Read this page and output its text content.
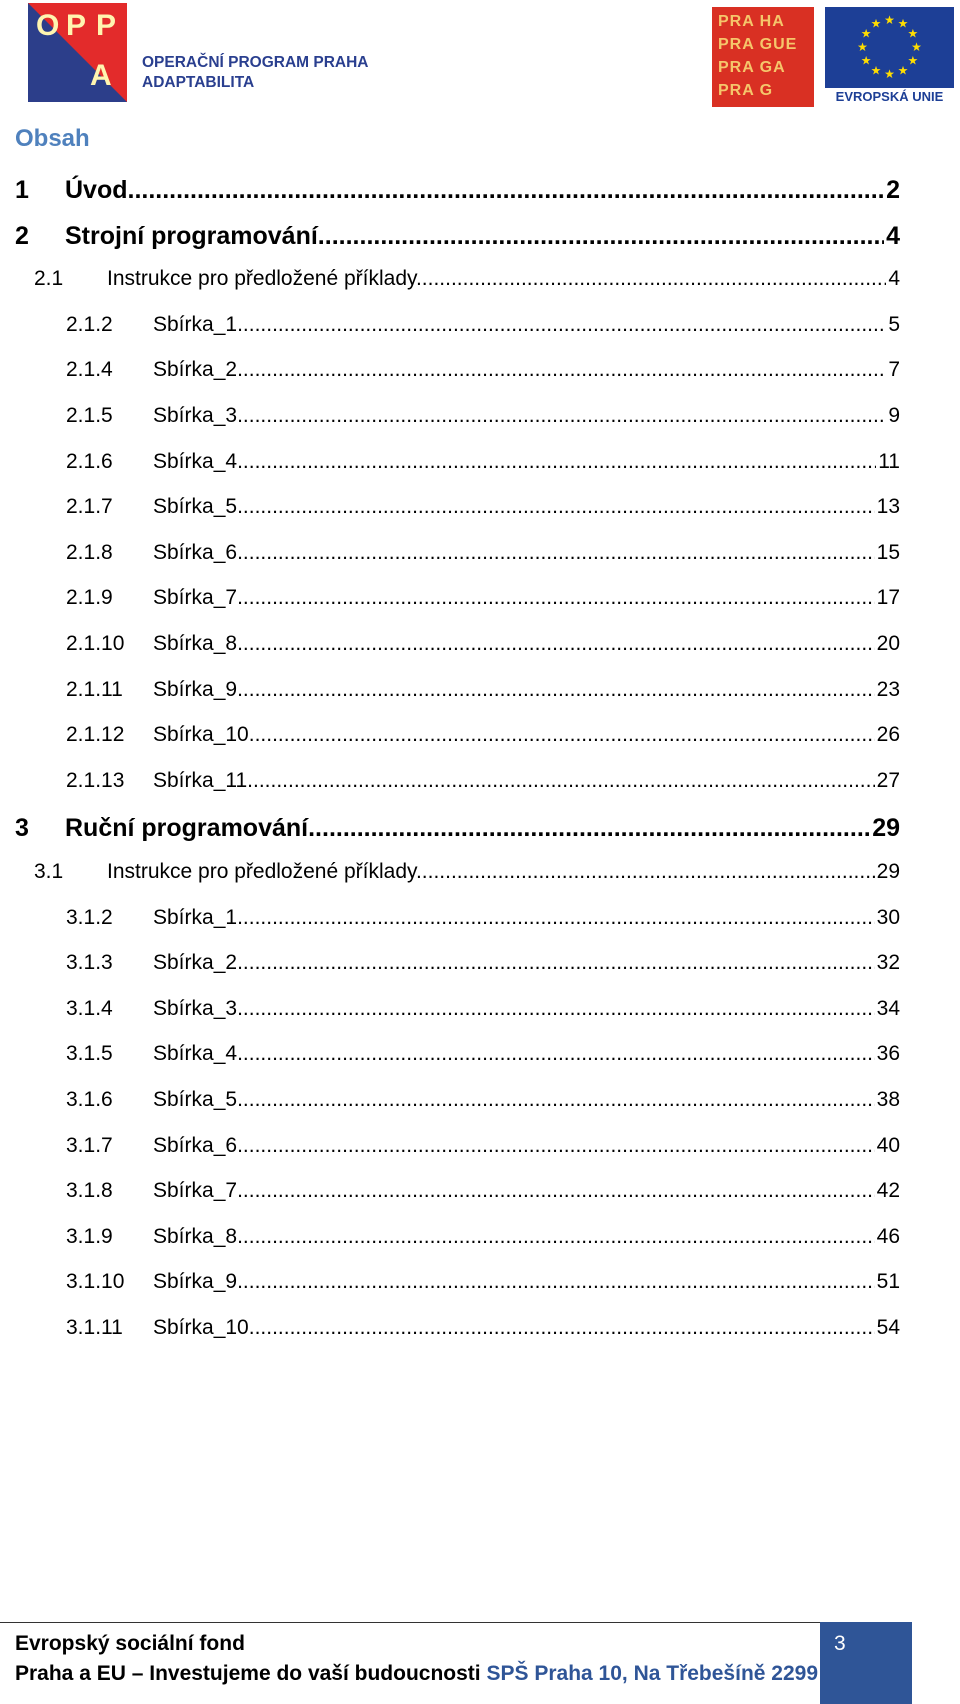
O P P
A OPERAČNÍ PROGRAM PRAHA
ADAPTABILITA
PRA HA
PRA GUE
PRA GA
PRA G
★ ★
★
★
★
★
★
★
★
★
★
★
EVROPSKÁ UNIE
Obsah
1	Úvod. .....	2
2	Strojní programování. .....	4
2.1	Instrukce pro předložené příklady. .....	4
2.1.2	Sbírka_1 .....	5
2.1.4	Sbírka_2 .....	7
2.1.5	Sbírka_3 .....	9
2.1.6	Sbírka_4 .....	11
2.1.7	Sbírka_5 .....	13
2.1.8	Sbírka_6 .....	15
2.1.9	Sbírka_7 .....	17
2.1.10	Sbírka_8 .....	20
2.1.11	Sbírka_9 .....	23
2.1.12	Sbírka_10 .....	26
2.1.13	Sbírka_11 .....	27
3	Ruční programování. .....	29
3.1	Instrukce pro předložené příklady. .....	29
3.1.2	Sbírka_1 .....	30
3.1.3	Sbírka_2 .....	32
3.1.4	Sbírka_3 .....	34
3.1.5	Sbírka_4 .....	36
3.1.6	Sbírka_5 .....	38
3.1.7	Sbírka_6 .....	40
3.1.8	Sbírka_7 .....	42
3.1.9	Sbírka_8 .....	46
3.1.10	Sbírka_9 .....	51
3.1.11	Sbírka_10 .....	54
Evropský sociální fond
Praha a EU – Investujeme do vaší budoucnosti SPŠ Praha 10, Na Třebešíně 2299
3
